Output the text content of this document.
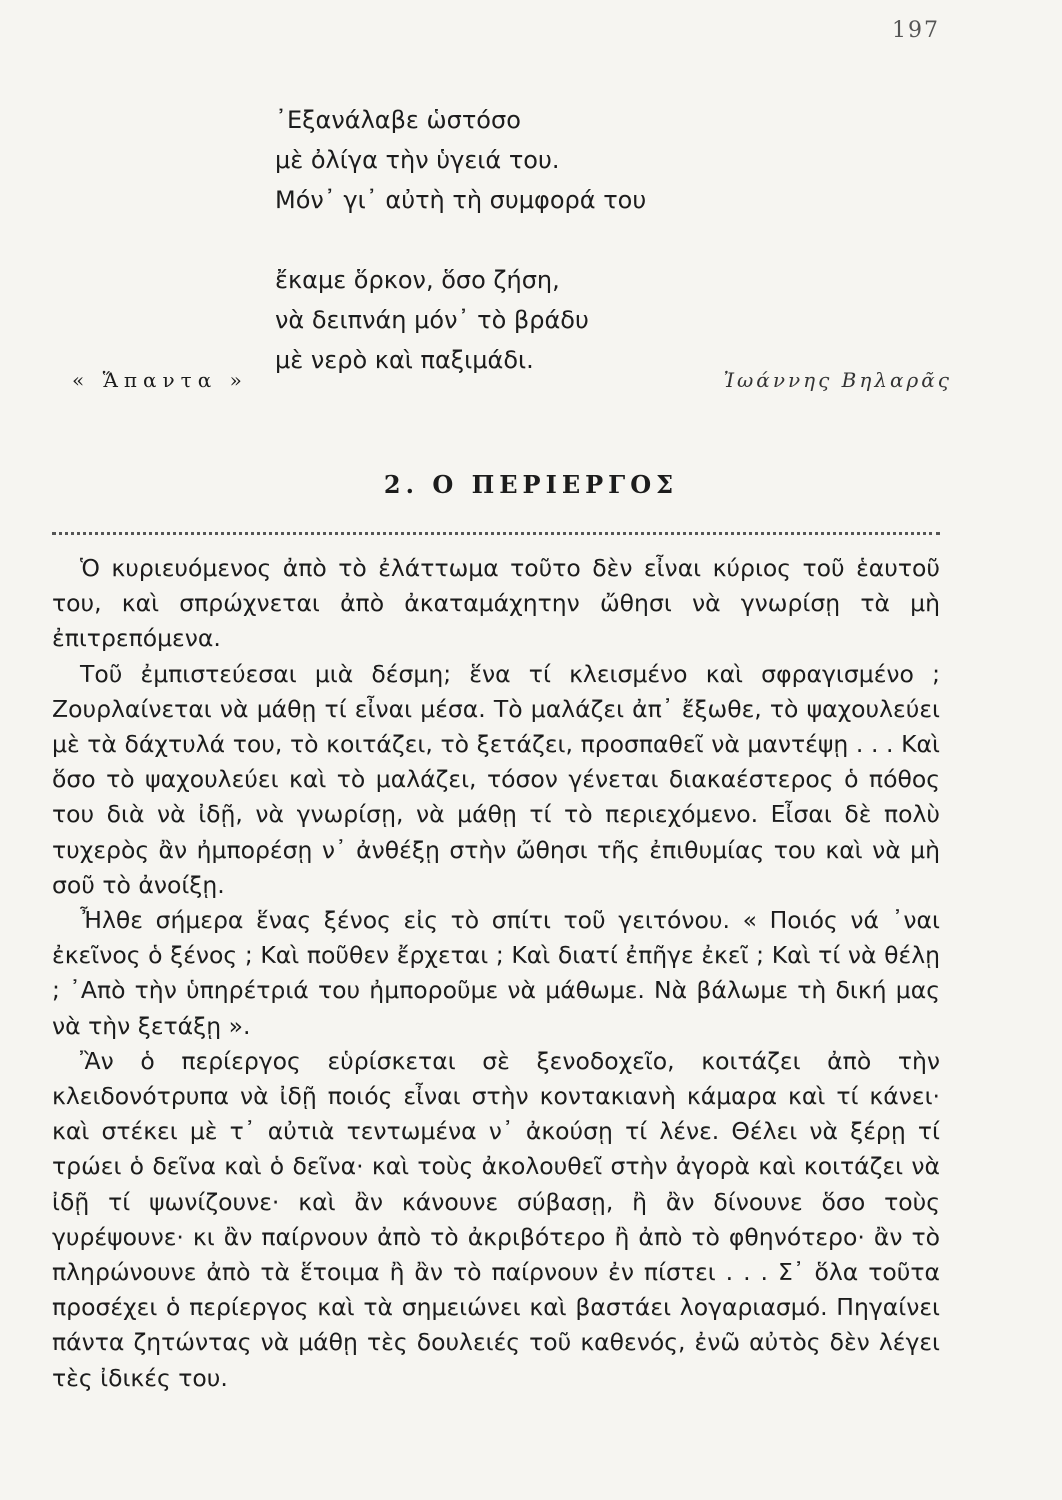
197
᾿Εξανάλαβε ὡστόσο
μὲ ὀλίγα τὴν ὑγειά του.
Μόν᾿ γι᾿ αὐτὴ τὴ συμφορά του
ἔκαμε ὅρκον, ὅσο ζήση,
νὰ δειπνάη μόν᾿ τὸ βράδυ
μὲ νερὸ καὶ παξιμάδι.
« Ἅπαντα »	Ἰωάννης Βηλαρᾶς
2. Ο ΠΕΡΙΕΡΓΟΣ

Ὁ κυριευόμενος ἀπὸ τὸ ἐλάττωμα τοῦτο δὲν εἶναι κύριος τοῦ ἑαυτοῦ του, καὶ σπρώχνεται ἀπὸ ἀκαταμάχητην ὤθησι νὰ γνωρίσῃ τὰ μὴ ἐπιτρεπόμενα.

Τοῦ ἐμπιστεύεσαι μιὰ δέσμη; ἕνα τί κλεισμένο καὶ σφραγισμένο ; Ζουρλαίνεται νὰ μάθῃ τί εἶναι μέσα. Τὸ μαλάζει ἀπ᾿ ἔξωθε, τὸ ψαχουλεύει μὲ τὰ δάχτυλά του, τὸ κοιτάζει, τὸ ξετάζει, προσπαθεῖ νὰ μαντέψῃ . . . Καὶ ὅσο τὸ ψαχουλεύει καὶ τὸ μαλάζει, τόσον γένεται διακαέστερος ὁ πόθος του διὰ νὰ ἰδῇ, νὰ γνωρίσῃ, νὰ μάθῃ τί τὸ περιεχόμενο. Εἶσαι δὲ πολὺ τυχερὸς ἂν ἠμπορέσῃ ν᾿ ἀνθέξῃ στὴν ὤθησι τῆς ἐπιθυμίας του καὶ νὰ μὴ σοῦ τὸ ἀνοίξῃ.

Ἦλθε σήμερα ἕνας ξένος εἰς τὸ σπίτι τοῦ γειτόνου. « Ποιός νά ᾿ναι ἐκεῖνος ὁ ξένος ; Καὶ ποῦθεν ἔρχεται ; Καὶ διατί ἐπῆγε ἐκεῖ ; Καὶ τί νὰ θέλῃ ; ᾿Απὸ τὴν ὑπηρέτριά του ἠμποροῦμε νὰ μάθωμε. Νὰ βάλωμε τὴ δική μας νὰ τὴν ξετάξῃ ».

Ἂν ὁ περίεργος εὑρίσκεται σὲ ξενοδοχεῖο, κοιτάζει ἀπὸ τὴν κλειδονότρυπα νὰ ἰδῇ ποιός εἶναι στὴν κοντακιανὴ κάμαρα καὶ τί κάνει· καὶ στέκει μὲ τ᾿ αὐτιὰ τεντωμένα ν᾿ ἀκούσῃ τί λένε. Θέλει νὰ ξέρῃ τί τρώει ὁ δεῖνα καὶ ὁ δεῖνα· καὶ τοὺς ἀκολουθεῖ στὴν ἀγορὰ καὶ κοιτάζει νὰ ἰδῇ τί ψωνίζουνε· καὶ ἂν κάνουνε σύβασῃ, ἢ ἂν δίνουνε ὅσο τοὺς γυρέψουνε· κι ἂν παίρνουν ἀπὸ τὸ ἀκριβότερο ἢ ἀπὸ τὸ φθηνότερο· ἂν τὸ πληρώνουνε ἀπὸ τὰ ἕτοιμα ἢ ἂν τὸ παίρνουν ἐν πίστει . . . Σ᾿ ὅλα τοῦτα προσέχει ὁ περίεργος καὶ τὰ σημειώνει καὶ βαστάει λογαριασμό. Πηγαίνει πάντα ζητώντας νὰ μάθῃ τὲς δουλειές τοῦ καθενός, ἐνῶ αὐτὸς δὲν λέγει τὲς ἰδικές του.
